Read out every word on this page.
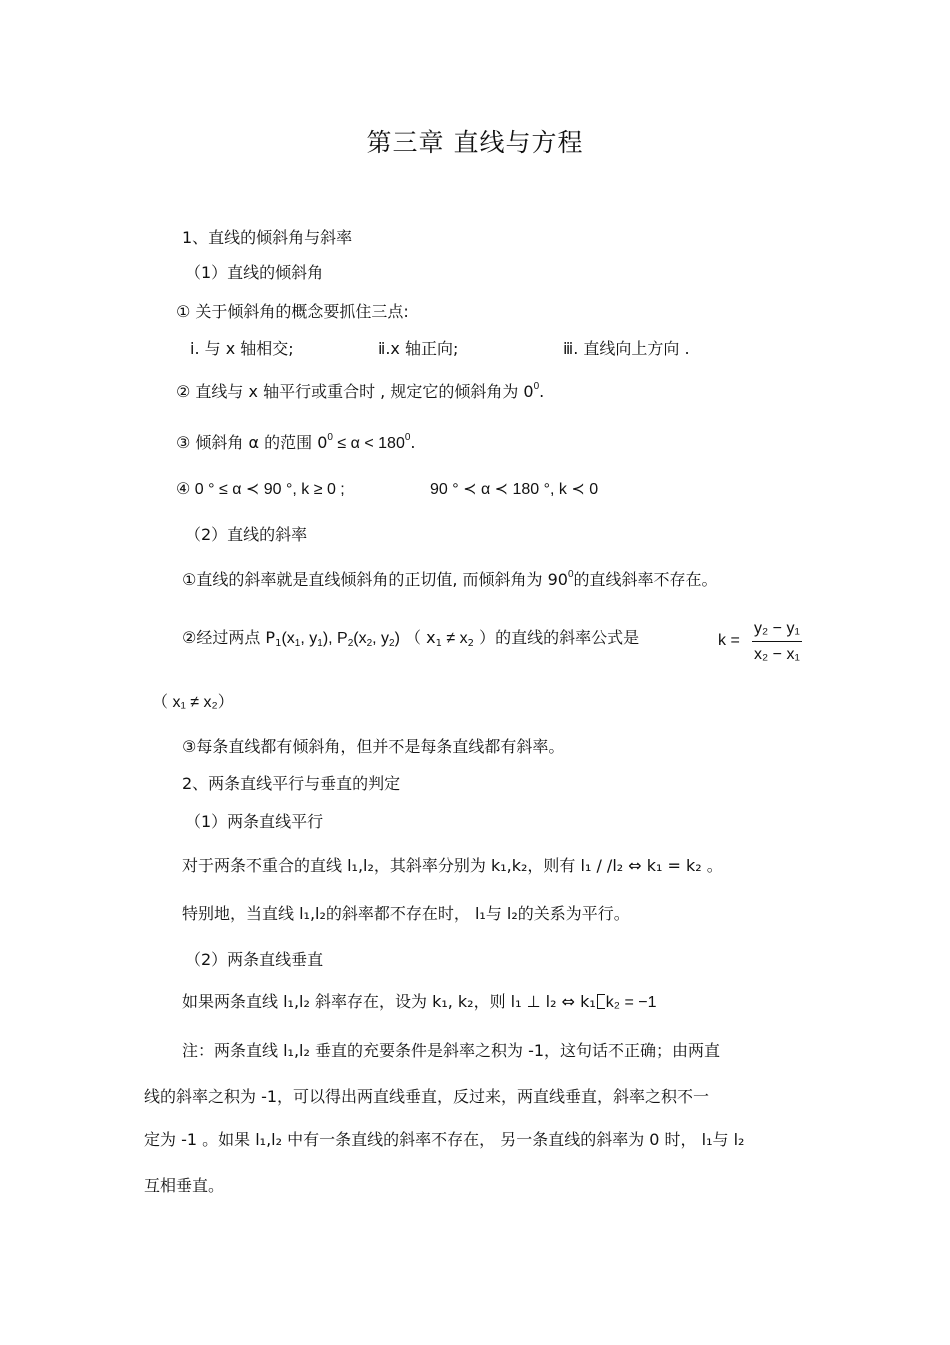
第三章 直线与方程
1、直线的倾斜角与斜率
（1）直线的倾斜角
① 关于倾斜角的概念要抓住三点:
ⅰ. 与 x 轴相交;	ⅱ.x 轴正向;	ⅲ. 直线向上方向 .
② 直线与 x 轴平行或重合时 , 规定它的倾斜角为 $0^0$.
③ 倾斜角 α 的范围 $0^0 \le \alpha < 180^0$.
④ 0 ° ≤ α ≺ 90 °, k ≥ 0 ;	90 ° ≺ α ≺ 180 °, k ≺ 0
（2）直线的斜率
①直线的斜率就是直线倾斜角的正切值, 而倾斜角为 $90^0$的直线斜率不存在。
②经过两点 $P_1(x_1$, $y_1$), $P_2(x_2$, $y_2$) （ $x_1 \ne x_2$ ）的直线的斜率公式是	k =
y₂ − y₁
x₂ − x₁
（ x₁ ≠ x₂）
③每条直线都有倾斜角，但并不是每条直线都有斜率。
2、两条直线平行与垂直的判定
（1）两条直线平行
对于两条不重合的直线 l₁,l₂，其斜率分别为 k₁,k₂，则有 l₁ / /l₂ ⇔ k₁ = k₂ 。
特别地，当直线 l₁,l₂的斜率都不存在时， l₁与 l₂的关系为平行。
（2）两条直线垂直
如果两条直线 l₁,l₂ 斜率存在，设为 k₁, k₂，则 l₁ ⊥ l₂ ⇔ k₁ k₂ = −1
注：两条直线 l₁,l₂ 垂直的充要条件是斜率之积为 -1，这句话不正确；由两直
线的斜率之积为 -1，可以得出两直线垂直，反过来，两直线垂直，斜率之积不一
定为 -1 。如果 l₁,l₂ 中有一条直线的斜率不存在， 另一条直线的斜率为 0 时， l₁与 l₂
互相垂直。
